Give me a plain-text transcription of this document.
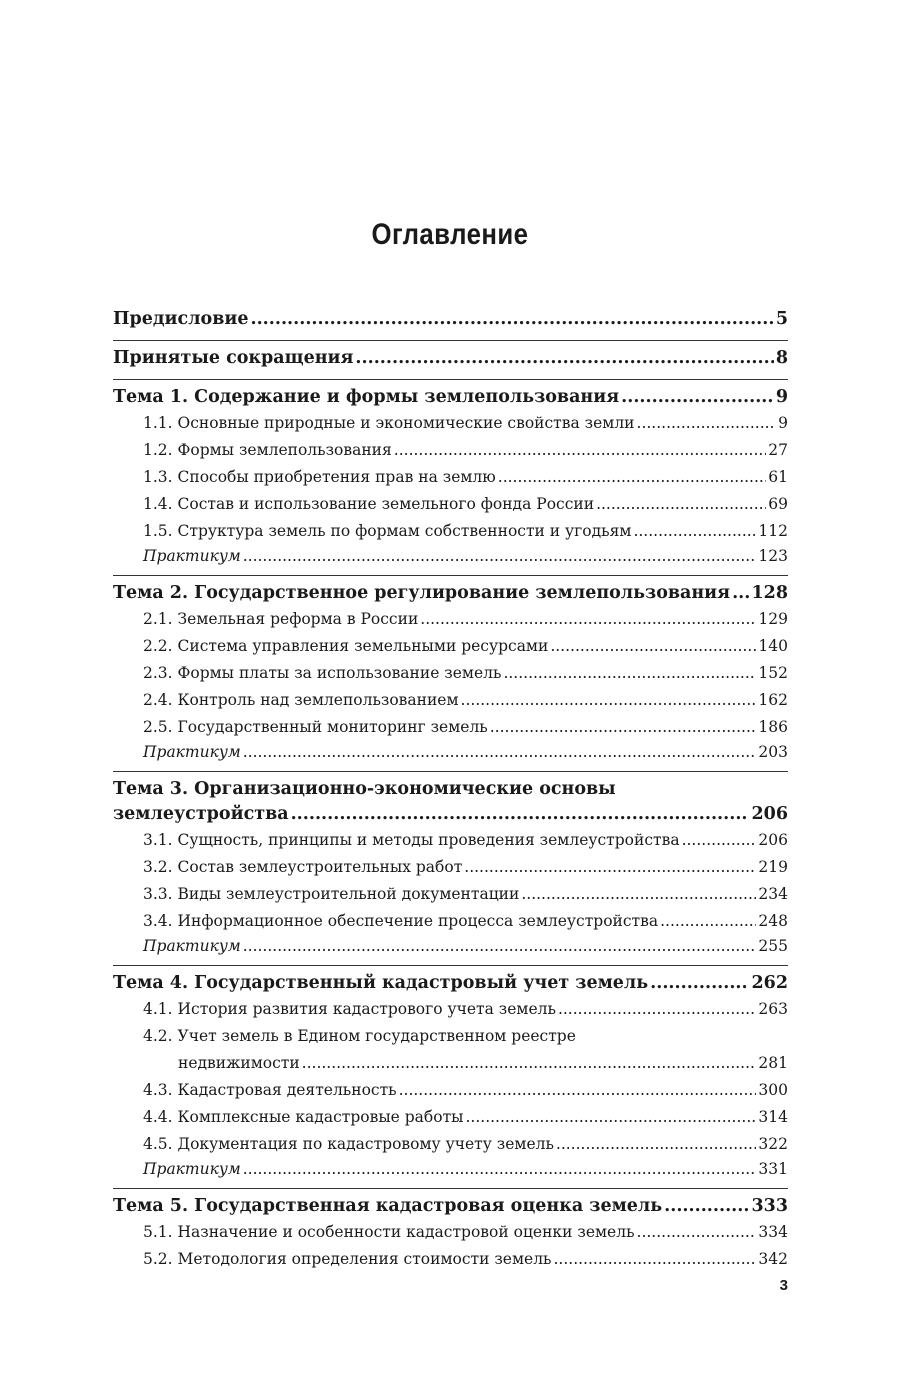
Оглавление
Предисловие .....	5
Принятые сокращения .....	8
Тема 1. Содержание и формы землепользования .....	9
1.1. Основные природные и экономические свойства земли .....	9
1.2. Формы землепользования .....	27
1.3. Способы приобретения прав на землю .....	61
1.4. Состав и использование земельного фонда России .....	69
1.5. Структура земель по формам собственности и угодьям .....	112
Практикум .....	123
Тема 2. Государственное регулирование землепользования ..... 128
2.1. Земельная реформа в России .....	129
2.2. Система управления земельными ресурсами .....	140
2.3. Формы платы за использование земель .....	152
2.4. Контроль над землепользованием .....	162
2.5. Государственный мониторинг земель .....	186
Практикум .....	203
Тема 3. Организационно-экономические основы
землеустройства .....	206
3.1. Сущность, принципы и методы проведения землеустройства .....	206
3.2. Состав землеустроительных работ .....	219
3.3. Виды землеустроительной документации .....	234
3.4. Информационное обеспечение процесса землеустройства .....	248
Практикум .....	255
Тема 4. Государственный кадастровый учет земель .....	262
4.1. История развития кадастрового учета земель .....	263
4.2. Учет земель в Едином государственном реестре
недвижимости .....	281
4.3. Кадастровая деятельность .....	300
4.4. Комплексные кадастровые работы .....	314
4.5. Документация по кадастровому учету земель .....	322
Практикум .....	331
Тема 5. Государственная кадастровая оценка земель .....	333
5.1. Назначение и особенности кадастровой оценки земель .....	334
5.2. Методология определения стоимости земель .....	342
3
